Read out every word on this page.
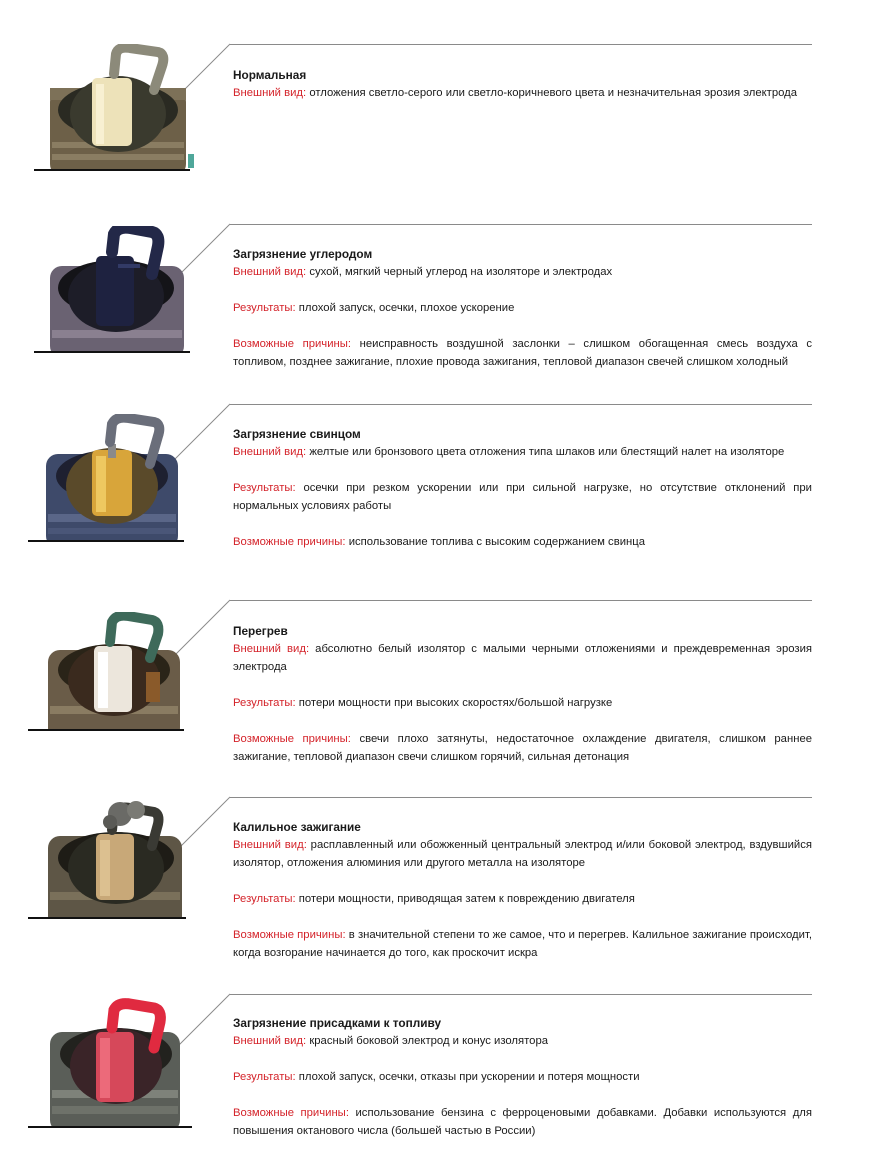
Нормальная

Внешний вид: отложения светло-серого или светло-коричневого цвета и незначительная эрозия электрода

Загрязнение углеродом

Внешний вид: сухой, мягкий черный углерод на изоляторе и электродах

Результаты: плохой запуск, осечки, плохое ускорение

Возможные причины: неисправность воздушной заслонки – слишком обогащенная смесь воздуха с топливом, позднее зажигание, плохие провода зажигания, тепловой диапазон свечей слишком холодный

Загрязнение свинцом

Внешний вид: желтые или бронзового цвета отложения типа шлаков или блестящий налет на изоляторе

Результаты: осечки при резком ускорении или при сильной нагрузке, но отсутствие отклонений при нормальных условиях работы

Возможные причины: использование топлива с высоким содержанием свинца

Перегрев

Внешний вид: абсолютно белый изолятор с малыми черными отложениями и преждевременная эрозия электрода

Результаты: потери мощности при высоких скоростях/большой нагрузке

Возможные причины: свечи плохо затянуты, недостаточное охлаждение двигателя, слишком раннее зажигание, тепловой диапазон свечи слишком горячий, сильная детонация

Калильное зажигание

Внешний вид: расплавленный или обожженный центральный электрод и/или боковой электрод, вздувшийся изолятор, отложения алюминия или другого металла на изоляторе

Результаты: потери мощности, приводящая затем к повреждению двигателя

Возможные причины: в значительной степени то же самое, что и перегрев. Калильное зажигание происходит, когда возгорание начинается до того, как проскочит искра

Загрязнение присадками к топливу

Внешний вид: красный боковой электрод и конус изолятора

Результаты: плохой запуск, осечки, отказы при ускорении и потеря мощности

Возможные причины: использование бензина с ферроценовыми добавками. Добавки используются для повышения октанового числа (большей частью в России)
